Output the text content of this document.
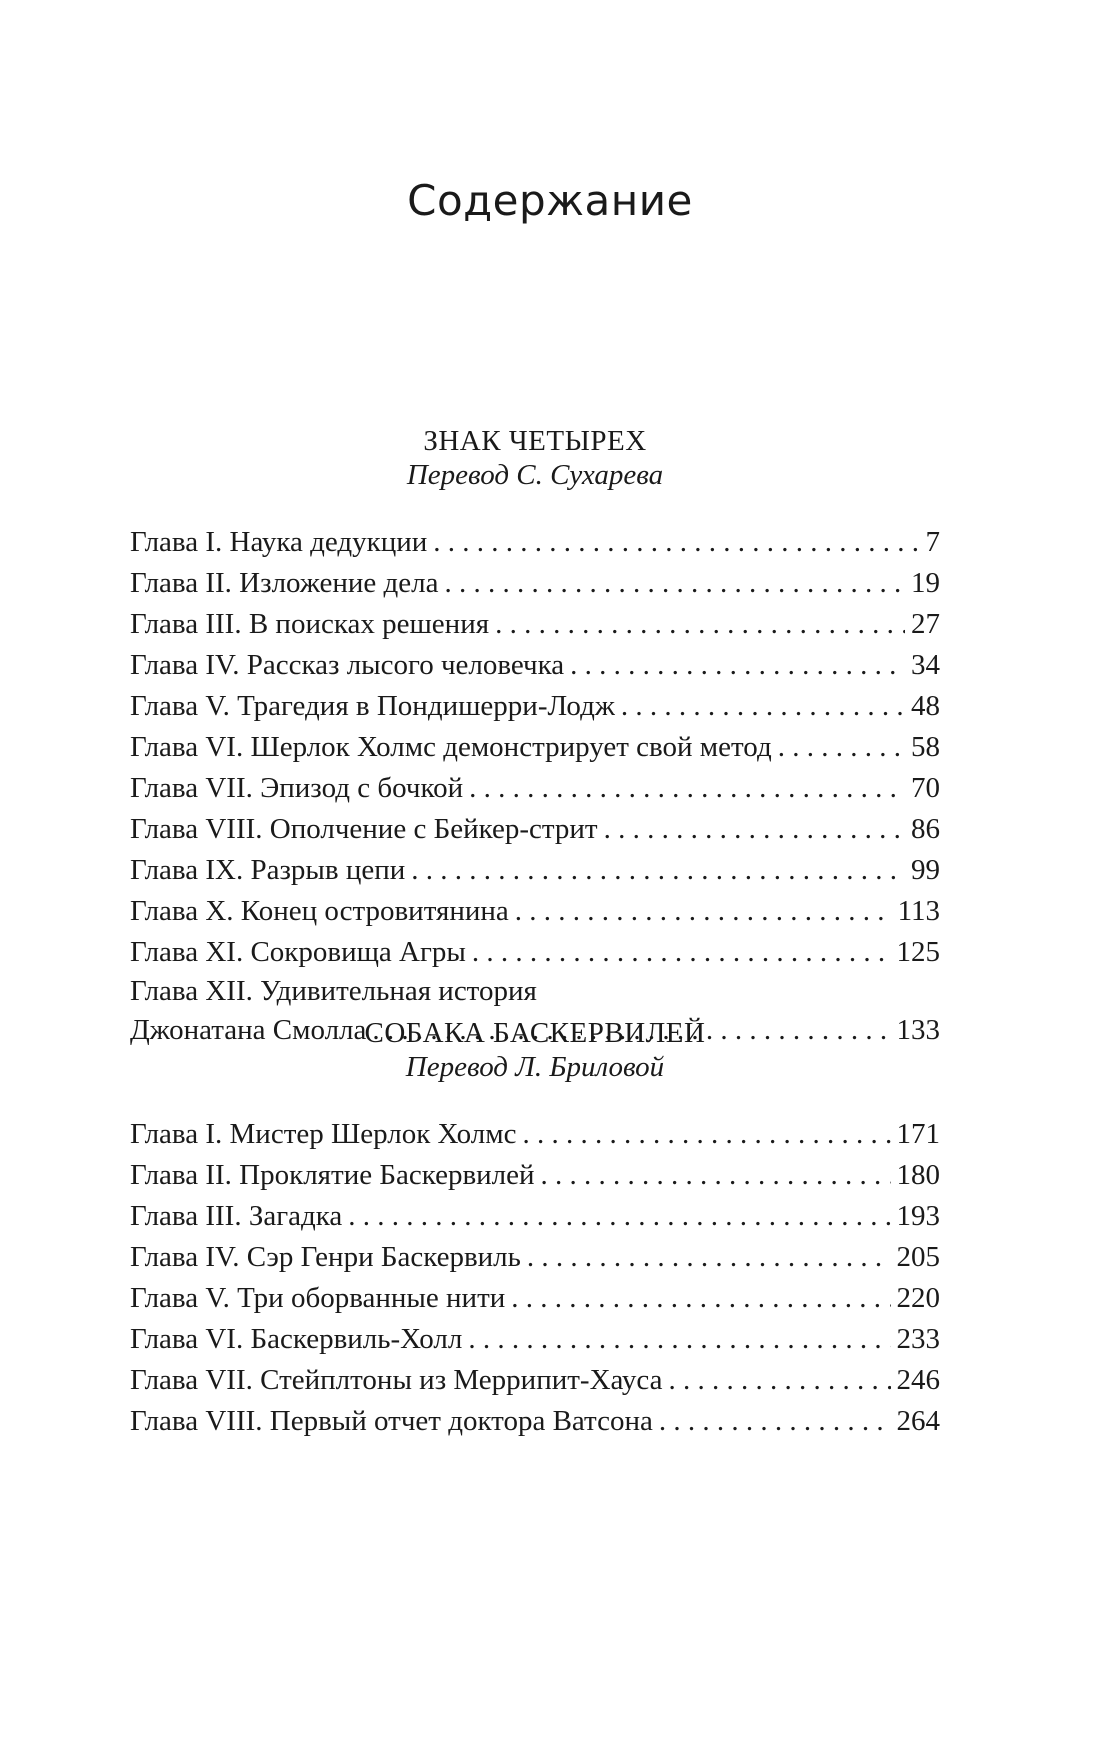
Содержание
ЗНАК ЧЕТЫРЕХ
Перевод С. Сухарева
Глава I. Наука дедукции . . .	7
Глава II. Изложение дела . . .	19
Глава III. В поисках решения . . .	27
Глава IV. Рассказ лысого человечка . . .	34
Глава V. Трагедия в Пондишерри-Лодж . . .	48
Глава VI. Шерлок Холмс демонстрирует свой метод . . .	58
Глава VII. Эпизод с бочкой . . .	70
Глава VIII. Ополчение с Бейкер-стрит . . .	86
Глава IX. Разрыв цепи . . .	99
Глава X. Конец островитянина . . .	113
Глава XI. Сокровища Агры . . .	125
Глава XII. Удивительная история
Джонатана Смолла . . .	133
СОБАКА БАСКЕРВИЛЕЙ
Перевод Л. Бриловой
Глава I. Мистер Шерлок Холмс . . .	171
Глава II. Проклятие Баскервилей . . .	180
Глава III. Загадка . . .	193
Глава IV. Сэр Генри Баскервиль . . .	205
Глава V. Три оборванные нити . . .	220
Глава VI. Баскервиль-Холл . . .	233
Глава VII. Стейплтоны из Меррипит-Хауса . . .	246
Глава VIII. Первый отчет доктора Ватсона . . .	264
